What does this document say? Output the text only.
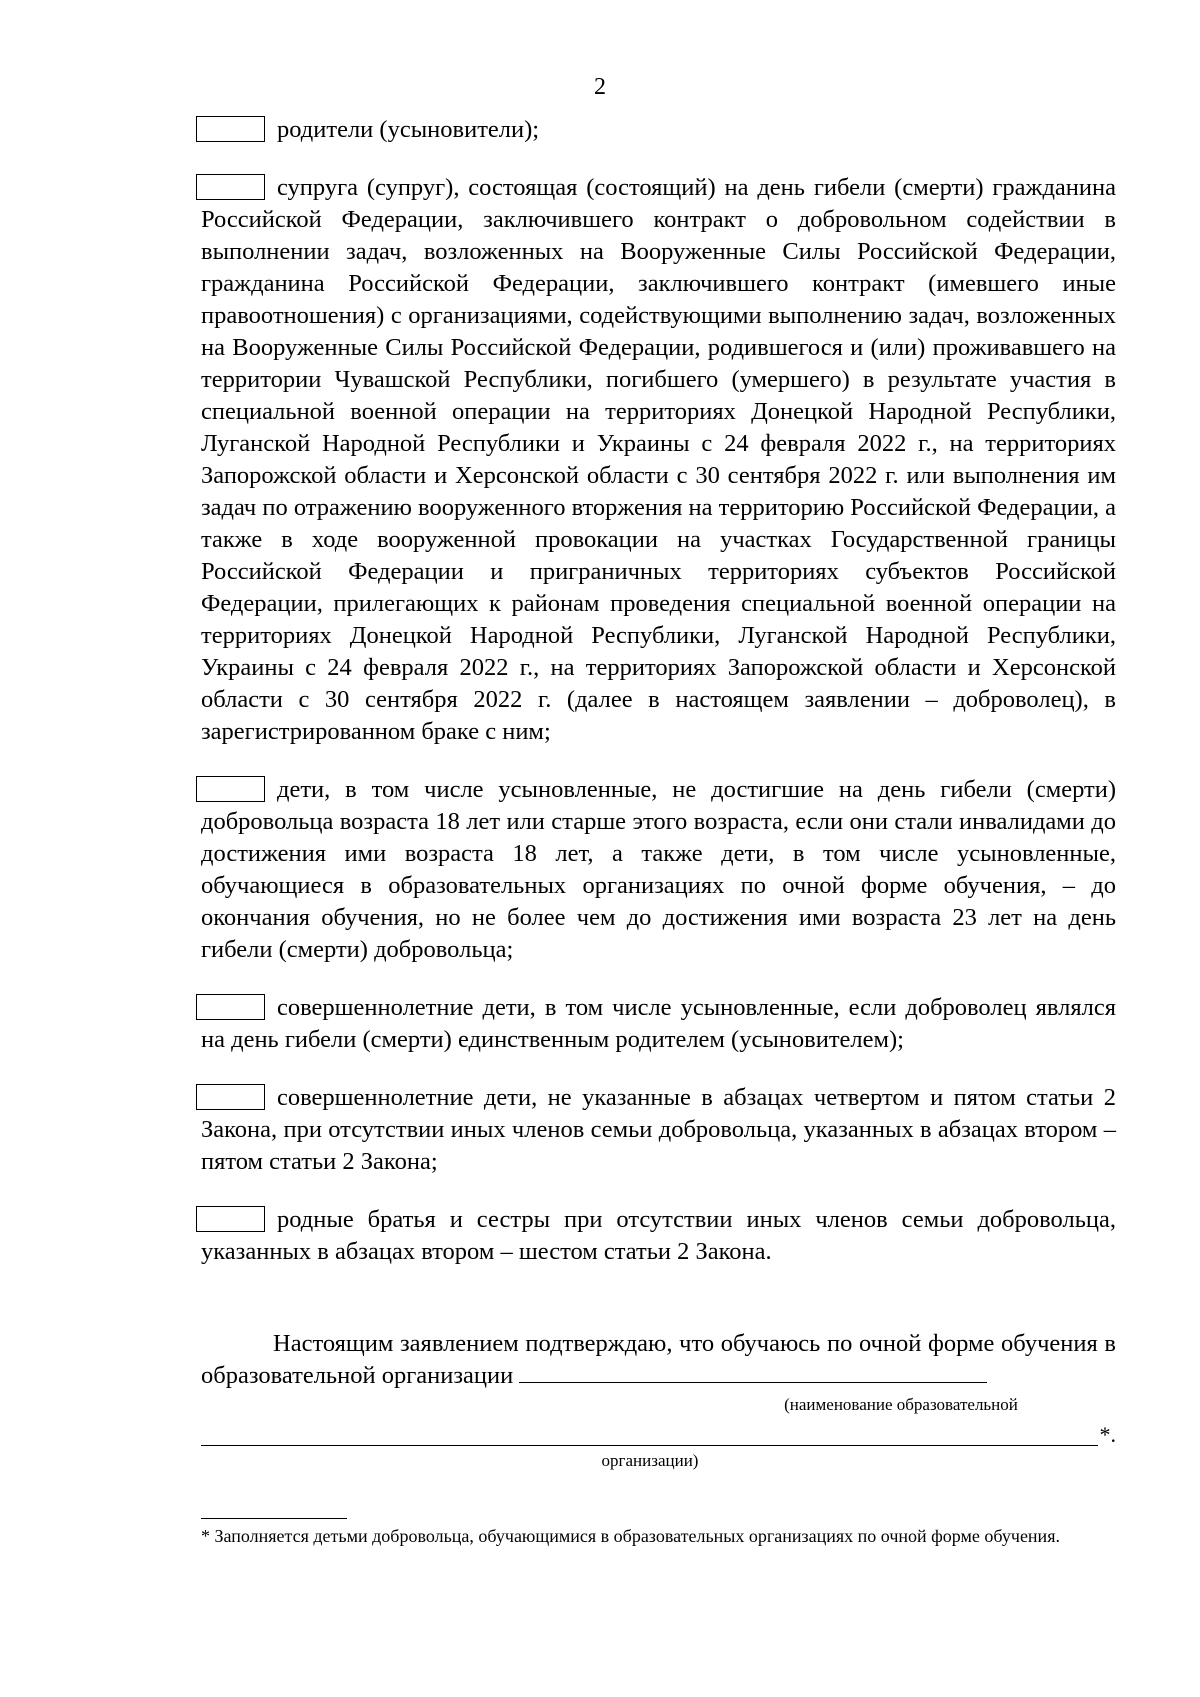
2
родители (усыновители);
супруга (супруг), состоящая (состоящий) на день гибели (смерти) гражданина Российской Федерации, заключившего контракт о добровольном содействии в выполнении задач, возложенных на Вооруженные Силы Российской Федерации, гражданина Российской Федерации, заключившего контракт (имевшего иные правоотношения) с организациями, содействующими выполнению задач, возложенных на Вооруженные Силы Российской Федерации, родившегося и (или) проживавшего на территории Чувашской Республики, погибшего (умершего) в результате участия в специальной военной операции на территориях Донецкой Народной Республики, Луганской Народной Республики и Украины с 24 февраля 2022 г., на территориях Запорожской области и Херсонской области с 30 сентября 2022 г. или выполнения им задач по отражению вооруженного вторжения на территорию Российской Федерации, а также в ходе вооруженной провокации на участках Государственной границы Российской Федерации и приграничных территориях субъектов Российской Федерации, прилегающих к районам проведения специальной военной операции на территориях Донецкой Народной Республики, Луганской Народной Республики, Украины с 24 февраля 2022 г., на территориях Запорожской области и Херсонской области с 30 сентября 2022 г. (далее в настоящем заявлении – доброволец), в зарегистрированном браке с ним;
дети, в том числе усыновленные, не достигшие на день гибели (смерти) добровольца возраста 18 лет или старше этого возраста, если они стали инвалидами до достижения ими возраста 18 лет, а также дети, в том числе усыновленные, обучающиеся в образовательных организациях по очной форме обучения, – до окончания обучения, но не более чем до достижения ими возраста 23 лет на день гибели (смерти) добровольца;
совершеннолетние дети, в том числе усыновленные, если доброволец являлся на день гибели (смерти) единственным родителем (усыновителем);
совершеннолетние дети, не указанные в абзацах четвертом и пятом статьи 2 Закона, при отсутствии иных членов семьи добровольца, указанных в абзацах втором – пятом статьи 2 Закона;
родные братья и сестры при отсутствии иных членов семьи добровольца, указанных в абзацах втором – шестом статьи 2 Закона.
Настоящим заявлением подтверждаю, что обучаюсь по очной форме обучения в образовательной организации
(наименование образовательной
*.
организации)
* Заполняется детьми добровольца, обучающимися в образовательных организациях по очной форме обучения.
